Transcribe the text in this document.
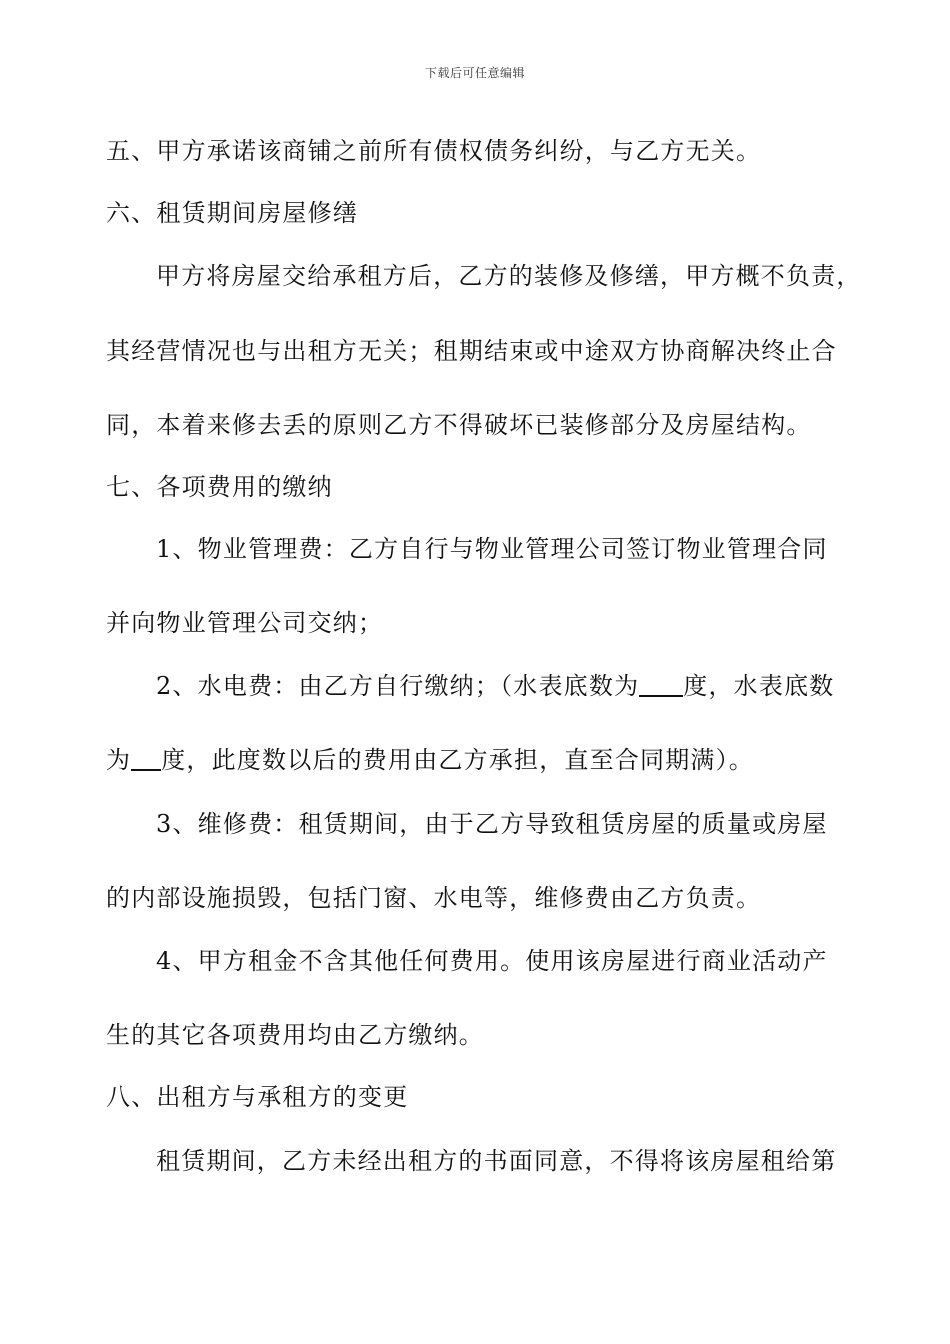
下载后可任意编辑
五、甲方承诺该商铺之前所有债权债务纠纷，与乙方无关。
六、租赁期间房屋修缮
甲方将房屋交给承租方后，乙方的装修及修缮，甲方概不负责，
其经营情况也与出租方无关；租期结束或中途双方协商解决终止合
同，本着来修去丢的原则乙方不得破坏已装修部分及房屋结构。
七、各项费用的缴纳
1、物业管理费：乙方自行与物业管理公司签订物业管理合同
并向物业管理公司交纳；
2、水电费：由乙方自行缴纳；（水表底数为 度，水表底数
为 度，此度数以后的费用由乙方承担，直至合同期满）。
3、维修费：租赁期间，由于乙方导致租赁房屋的质量或房屋
的内部设施损毁，包括门窗、水电等，维修费由乙方负责。
4、甲方租金不含其他任何费用。使用该房屋进行商业活动产
生的其它各项费用均由乙方缴纳。
八、出租方与承租方的变更
租赁期间，乙方未经出租方的书面同意，不得将该房屋租给第
